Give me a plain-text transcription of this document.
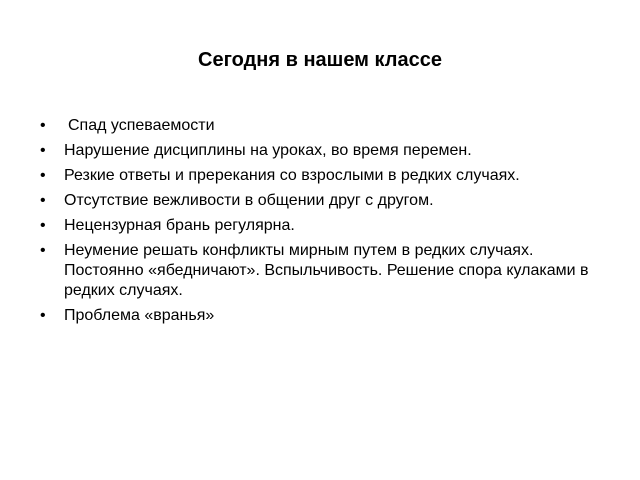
Сегодня в нашем классе
•	Спад успеваемости
•	Нарушение дисциплины на уроках, во время перемен.
•	Резкие ответы и пререкания со взрослыми в редких случаях.
•	Отсутствие вежливости в общении друг с другом.
•	Нецензурная брань регулярна.
•	Неумение решать конфликты мирным путем в редких случаях. Постоянно «ябедничают». Вспыльчивость. Решение спора кулаками в редких случаях.
•	Проблема «вранья»
